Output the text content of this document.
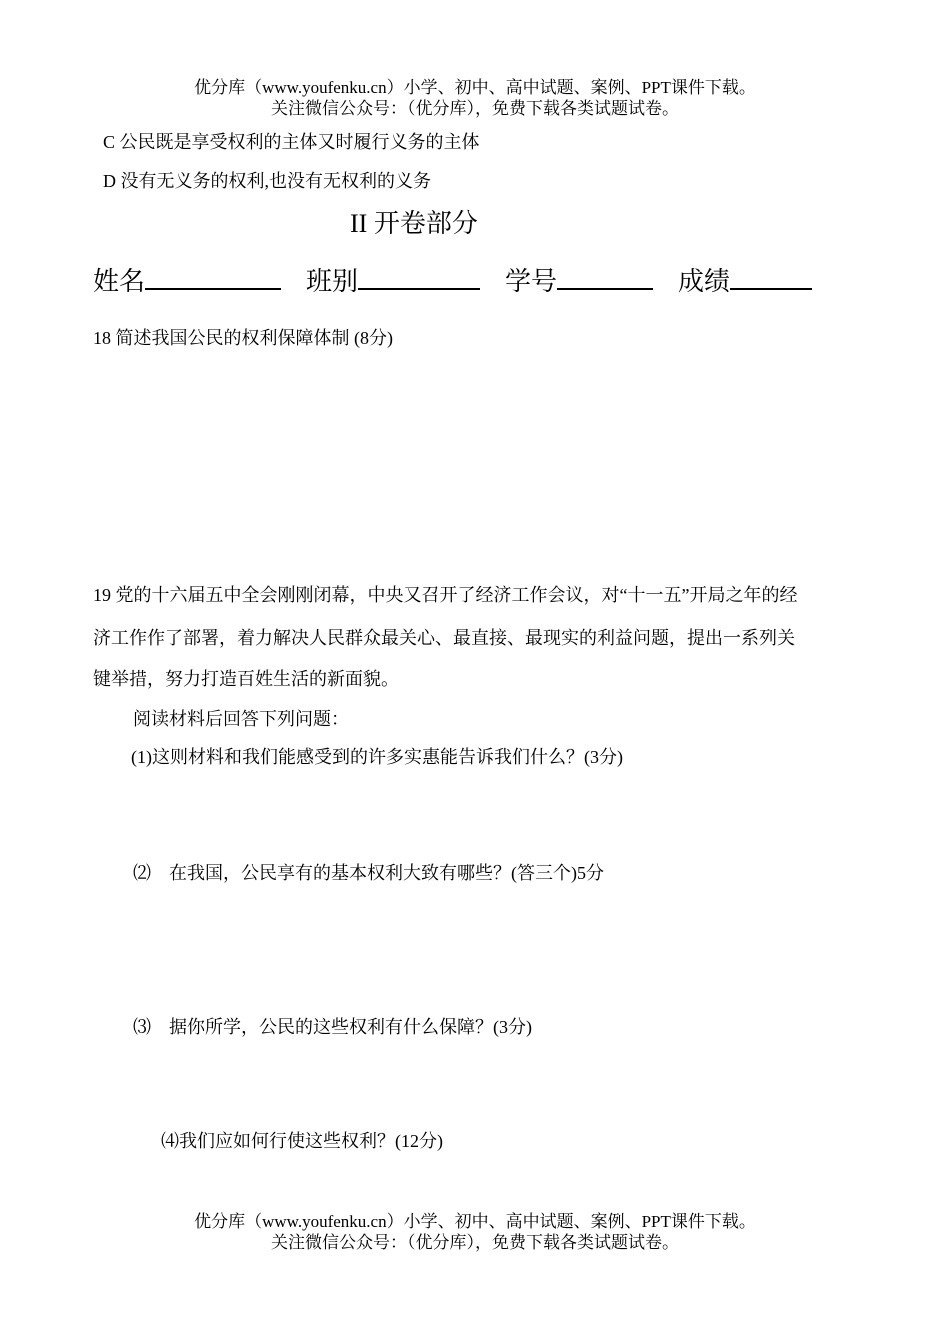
优分库（www.youfenku.cn）小学、初中、高中试题、案例、PPT课件下载。
关注微信公众号：（优分库），免费下载各类试题试卷。
C 公民既是享受权利的主体又时履行义务的主体
D 没有无义务的权利,也没有无权利的义务
II 开卷部分
姓名	班别	学号	成绩
18 简述我国公民的权利保障体制 (8分)
19 党的十六届五中全会刚刚闭幕，中央又召开了经济工作会议，对“十一五”开局之年的经
济工作作了部署，着力解决人民群众最关心、最直接、最现实的利益问题，提出一系列关
键举措，努力打造百姓生活的新面貌。
阅读材料后回答下列问题：
(1)这则材料和我们能感受到的许多实惠能告诉我们什么？(3分)
⑵　在我国，公民享有的基本权利大致有哪些？(答三个)5分
⑶　据你所学，公民的这些权利有什么保障？(3分)
⑷我们应如何行使这些权利？(12分)
优分库（www.youfenku.cn）小学、初中、高中试题、案例、PPT课件下载。
关注微信公众号：（优分库），免费下载各类试题试卷。
